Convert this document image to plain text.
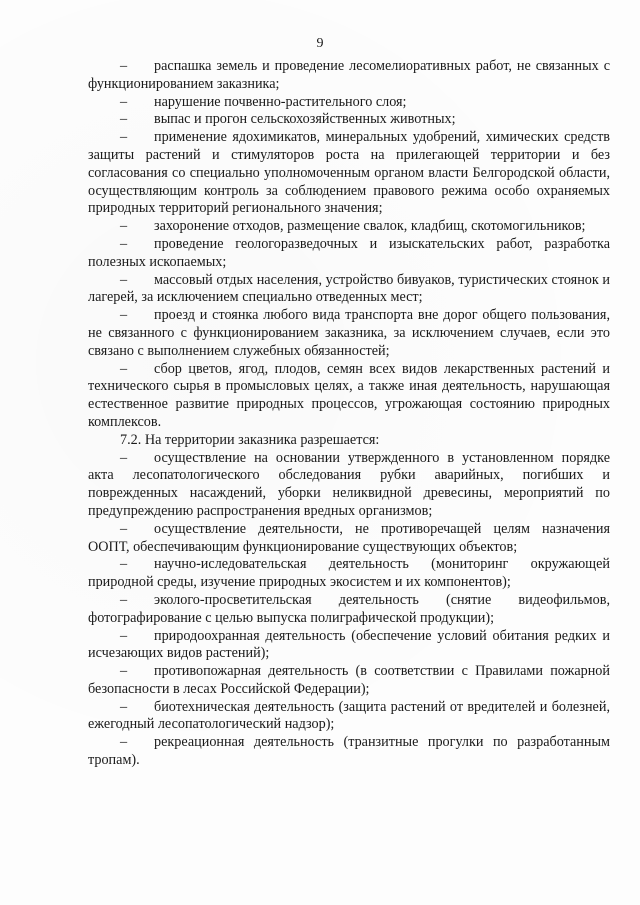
9

– распашка земель и проведение лесомелиоративных работ, не связанных с функционированием заказника;

– нарушение почвенно-растительного слоя;

– выпас и прогон сельскохозяйственных животных;

– применение ядохимикатов, минеральных удобрений, химических средств защиты растений и стимуляторов роста на прилегающей территории и без согласования со специально уполномоченным органом власти Белгородской области, осуществляющим контроль за соблюдением правового режима особо охраняемых природных территорий регионального значения;

– захоронение отходов, размещение свалок, кладбищ, скотомогильников;

– проведение геологоразведочных и изыскательских работ, разработка полезных ископаемых;

– массовый отдых населения, устройство бивуаков, туристических стоянок и лагерей, за исключением специально отведенных мест;

– проезд и стоянка любого вида транспорта вне дорог общего пользования, не связанного с функционированием заказника, за исключением случаев, если это связано с выполнением служебных обязанностей;

– сбор цветов, ягод, плодов, семян всех видов лекарственных растений и технического сырья в промысловых целях, а также иная деятельность, нарушающая естественное развитие природных процессов, угрожающая состоянию природных комплексов.

7.2. На территории заказника разрешается:

– осуществление на основании утвержденного в установленном порядке акта лесопатологического обследования рубки аварийных, погибших и поврежденных насаждений, уборки неликвидной древесины, мероприятий по предупреждению распространения вредных организмов;

– осуществление деятельности, не противоречащей целям назначения ООПТ, обеспечивающим функционирование существующих объектов;

– научно-иследовательская деятельность (мониторинг окружающей природной среды, изучение природных экосистем и их компонентов);

– эколого-просветительская деятельность (снятие видеофильмов, фотографирование с целью выпуска полиграфической продукции);

– природоохранная деятельность (обеспечение условий обитания редких и исчезающих видов растений);

– противопожарная деятельность (в соответствии с Правилами пожарной безопасности в лесах Российской Федерации);

– биотехническая деятельность (защита растений от вредителей и болезней, ежегодный лесопатологический надзор);

– рекреационная деятельность (транзитные прогулки по разработанным тропам).
